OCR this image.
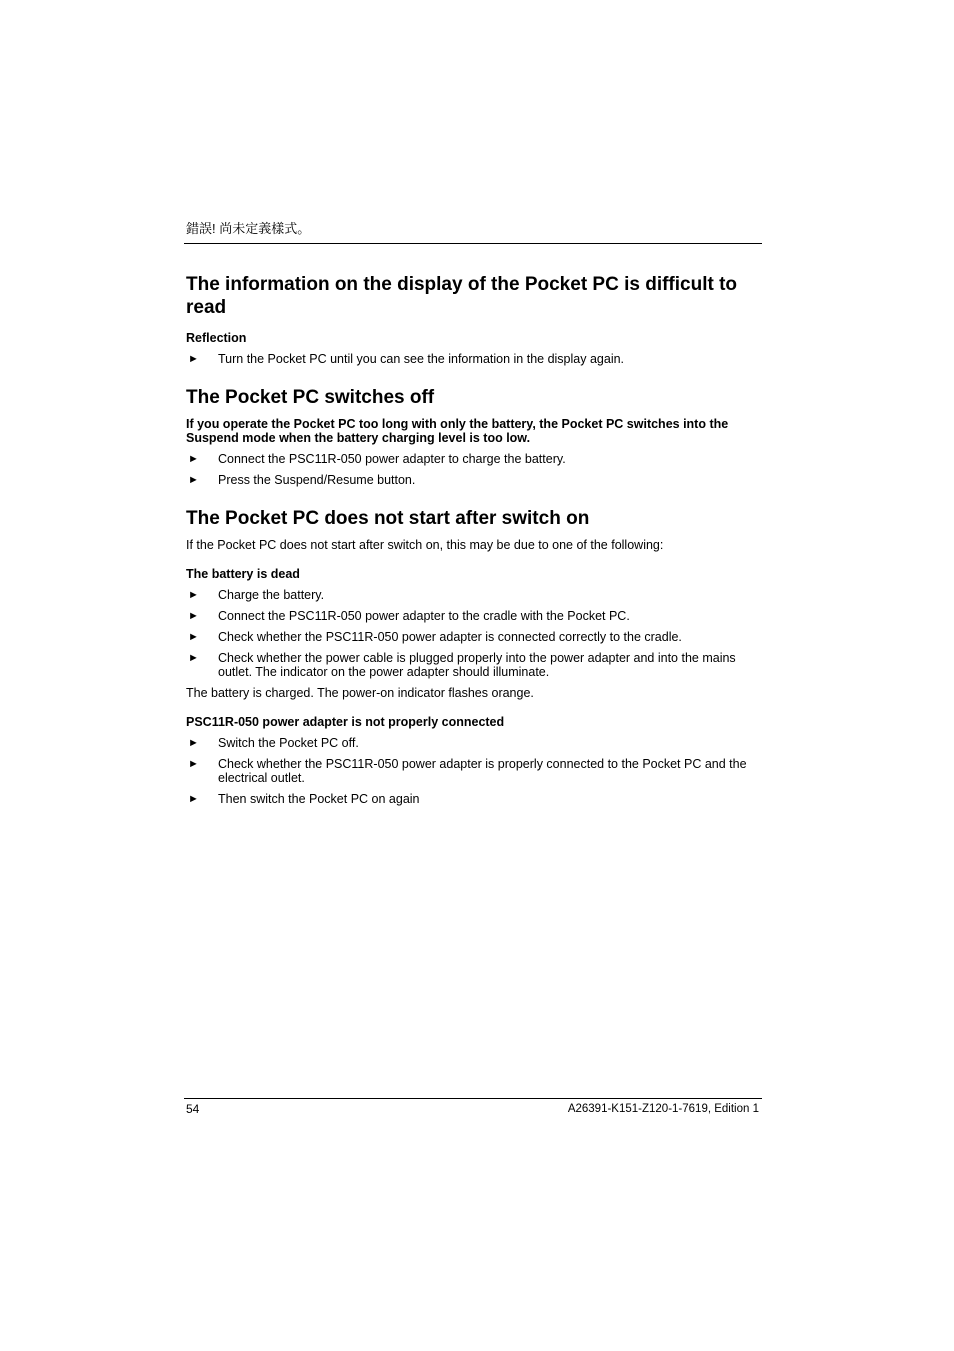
錯誤! 尚未定義樣式。
The information on the display of the Pocket PC is difficult to read
Reflection
► Turn the Pocket PC until you can see the information in the display again.
The Pocket PC switches off

If you operate the Pocket PC too long with only the battery, the Pocket PC switches into the Suspend mode when the battery charging level is too low.

► Connect the PSC11R-050 power adapter to charge the battery.
► Press the Suspend/Resume button.
The Pocket PC does not start after switch on

If the Pocket PC does not start after switch on, this may be due to one of the following:

The battery is dead
► Charge the battery.
► Connect the PSC11R-050 power adapter to the cradle with the Pocket PC.
► Check whether the PSC11R-050 power adapter is connected correctly to the cradle.
► Check whether the power cable is plugged properly into the power adapter and into the mains outlet. The indicator on the power adapter should illuminate.

The battery is charged. The power-on indicator flashes orange.

PSC11R-050 power adapter is not properly connected
► Switch the Pocket PC off.
► Check whether the PSC11R-050 power adapter is properly connected to the Pocket PC and the electrical outlet.
► Then switch the Pocket PC on again
54	A26391-K151-Z120-1-7619, Edition 1
